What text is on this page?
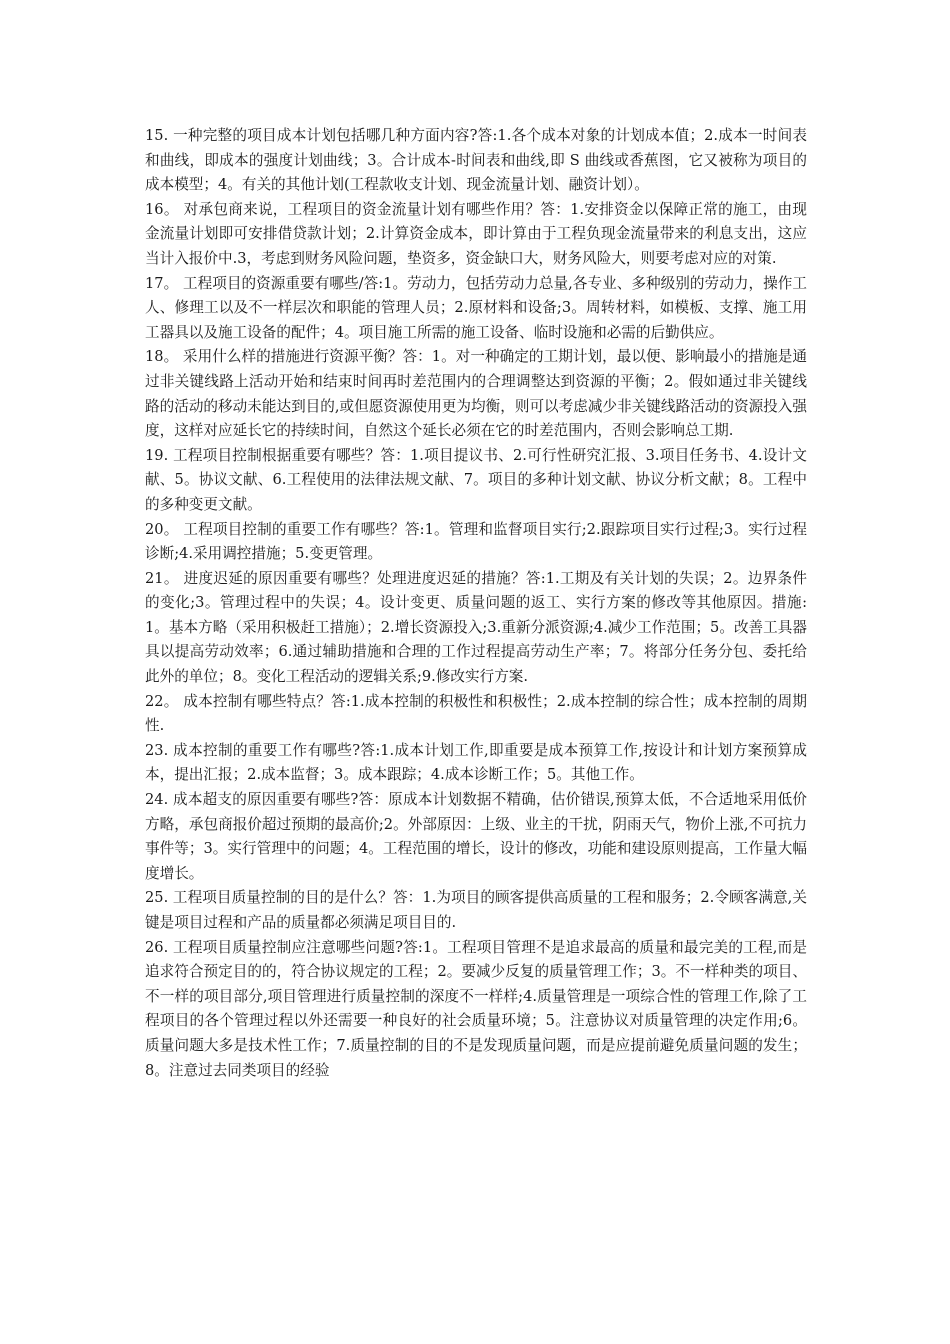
15. 一种完整的项目成本计划包括哪几种方面内容?答:1.各个成本对象的计划成本值；2.成本一时间表和曲线，即成本的强度计划曲线；3。合计成本-时间表和曲线,即 S 曲线或香蕉图，它又被称为项目的成本模型；4。有关的其他计划(工程款收支计划、现金流量计划、融资计划）。

16。 对承包商来说，工程项目的资金流量计划有哪些作用？答：1.安排资金以保障正常的施工，由现金流量计划即可安排借贷款计划；2.计算资金成本，即计算由于工程负现金流量带来的利息支出，这应当计入报价中.3，考虑到财务风险问题，垫资多，资金缺口大，财务风险大，则要考虑对应的对策.

17。 工程项目的资源重要有哪些/答:1。劳动力，包括劳动力总量,各专业、多种级别的劳动力，操作工人、修理工以及不一样层次和职能的管理人员；2.原材料和设备;3。周转材料，如模板、支撑、施工用工器具以及施工设备的配件；4。项目施工所需的施工设备、临时设施和必需的后勤供应。

18。 采用什么样的措施进行资源平衡？答：1。对一种确定的工期计划，最以便、影响最小的措施是通过非关键线路上活动开始和结束时间再时差范围内的合理调整达到资源的平衡；2。假如通过非关键线路的活动的移动未能达到目的,或但愿资源使用更为均衡，则可以考虑减少非关键线路活动的资源投入强度，这样对应延长它的持续时间，自然这个延长必须在它的时差范围内，否则会影响总工期.

19. 工程项目控制根据重要有哪些？答：1.项目提议书、2.可行性研究汇报、3.项目任务书、4.设计文献、5。协议文献、6.工程使用的法律法规文献、7。项目的多种计划文献、协议分析文献；8。工程中的多种变更文献。

20。 工程项目控制的重要工作有哪些？答:1。管理和监督项目实行;2.跟踪项目实行过程;3。实行过程诊断;4.采用调控措施；5.变更管理。

21。 进度迟延的原因重要有哪些？处理进度迟延的措施？答:1.工期及有关计划的失误；2。边界条件的变化;3。管理过程中的失误；4。设计变更、质量问题的返工、实行方案的修改等其他原因。措施:1。基本方略（采用积极赶工措施）；2.增长资源投入;3.重新分派资源;4.减少工作范围；5。改善工具器具以提高劳动效率；6.通过辅助措施和合理的工作过程提高劳动生产率；7。将部分任务分包、委托给此外的单位；8。变化工程活动的逻辑关系;9.修改实行方案.

22。 成本控制有哪些特点？答:1.成本控制的积极性和积极性；2.成本控制的综合性；成本控制的周期性.

23. 成本控制的重要工作有哪些?答:1.成本计划工作,即重要是成本预算工作,按设计和计划方案预算成本，提出汇报；2.成本监督；3。成本跟踪；4.成本诊断工作；5。其他工作。

24. 成本超支的原因重要有哪些?答：原成本计划数据不精确，估价错误,预算太低，不合适地采用低价方略，承包商报价超过预期的最高价;2。外部原因：上级、业主的干扰，阴雨天气，物价上涨,不可抗力事件等；3。实行管理中的问题；4。工程范围的增长，设计的修改，功能和建设原则提高，工作量大幅度增长。

25. 工程项目质量控制的目的是什么？答：1.为项目的顾客提供高质量的工程和服务；2.令顾客满意,关键是项目过程和产品的质量都必须满足项目目的.

26. 工程项目质量控制应注意哪些问题?答:1。工程项目管理不是追求最高的质量和最完美的工程,而是追求符合预定目的的，符合协议规定的工程；2。要减少反复的质量管理工作；3。不一样种类的项目、不一样的项目部分,项目管理进行质量控制的深度不一样样;4.质量管理是一项综合性的管理工作,除了工程项目的各个管理过程以外还需要一种良好的社会质量环境；5。注意协议对质量管理的决定作用;6。质量问题大多是技术性工作；7.质量控制的目的不是发现质量问题，而是应提前避免质量问题的发生；8。注意过去同类项目的经验
